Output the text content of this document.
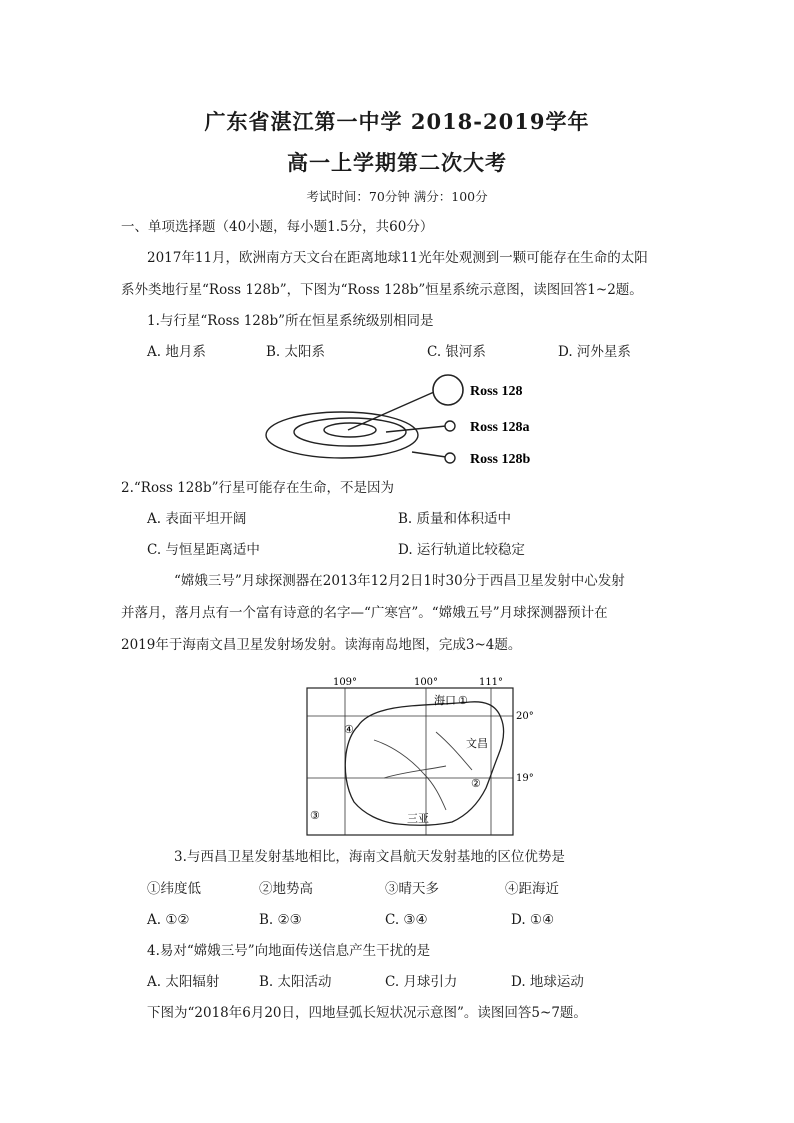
广东省湛江第一中学 2018-2019学年
高一上学期第二次大考
考试时间：70分钟 满分：100分
一、单项选择题（40小题，每小题1.5分，共60分）
2017年11月，欧洲南方天文台在距离地球11光年处观测到一颗可能存在生命的太阳
系外类地行星“Ross 128b”，下图为“Ross 128b”恒星系统示意图，读图回答1~2题。
1.与行星“Ross 128b”所在恒星系统级别相同是
A. 地月系	B. 太阳系	C. 银河系	D. 河外星系
Ross 128
Ross 128a
Ross 128b
2.“Ross 128b”行星可能存在生命，不是因为
A. 表面平坦开阔	B. 质量和体积适中
C. 与恒星距离适中	D. 运行轨道比较稳定
“嫦娥三号”月球探测器在2013年12月2日1时30分于西昌卫星发射中心发射
并落月，落月点有一个富有诗意的名字—“广寒宫”。“嫦娥五号”月球探测器预计在
2019年于海南文昌卫星发射场发射。读海南岛地图，完成3~4题。
109°	100°	111°
20°
19°
海口 ①
文昌
三亚
②
③
④
3.与西昌卫星发射基地相比，海南文昌航天发射基地的区位优势是
①纬度低	②地势高	③晴天多	④距海近
A. ①②	B. ②③	C. ③④	D. ①④
4.易对“嫦娥三号”向地面传送信息产生干扰的是
A. 太阳辐射	B. 太阳活动	C. 月球引力	D. 地球运动
下图为“2018年6月20日，四地昼弧长短状况示意图”。读图回答5~7题。
